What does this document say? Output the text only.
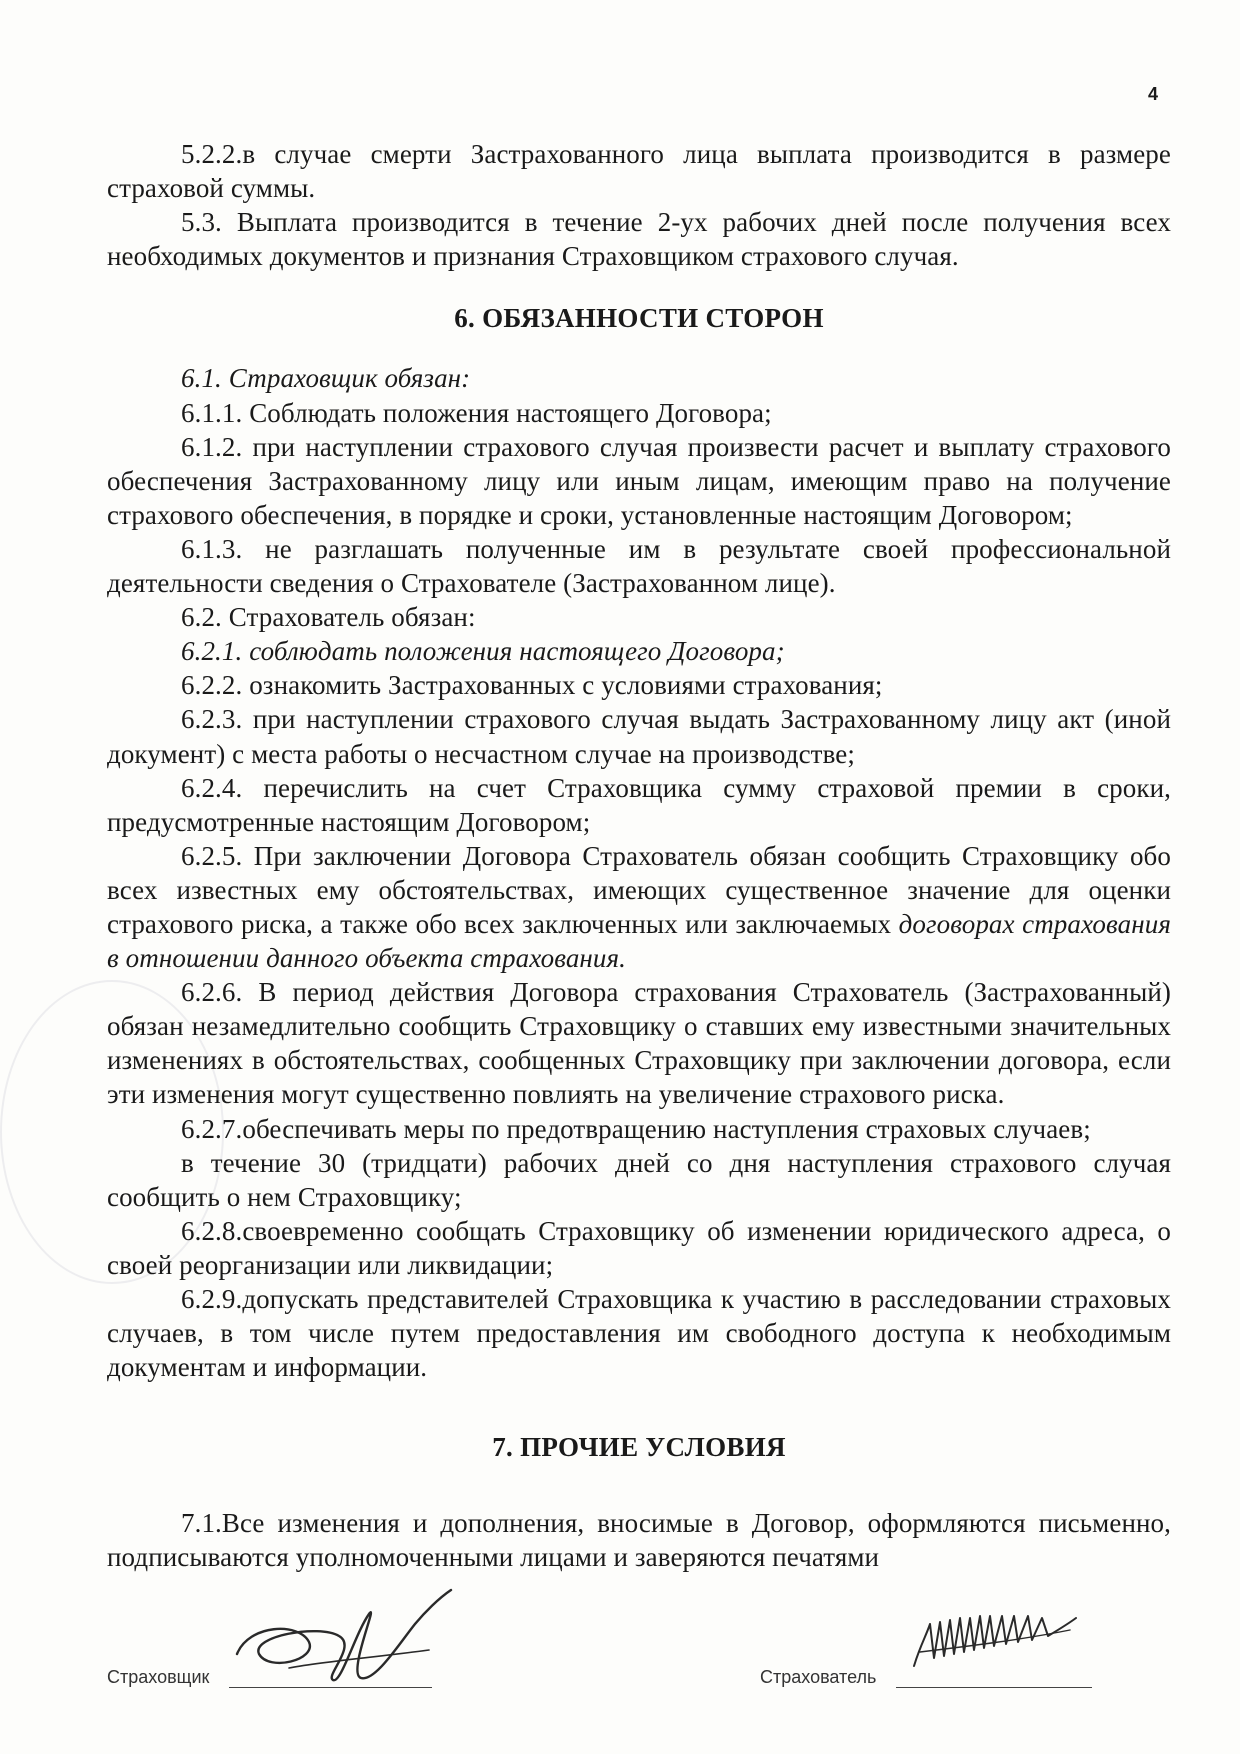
4

5.2.2.в случае смерти Застрахованного лица выплата производится в размере страховой суммы.

5.3. Выплата производится в течение 2-ух рабочих дней после получения всех необходимых документов и признания Страховщиком страхового случая.

6. ОБЯЗАННОСТИ СТОРОН

6.1. Страховщик обязан:

6.1.1. Соблюдать положения настоящего Договора;

6.1.2. при наступлении страхового случая произвести расчет и выплату страхового обеспечения Застрахованному лицу или иным лицам, имеющим право на получение страхового обеспечения, в порядке и сроки, установленные настоящим Договором;

6.1.3. не разглашать полученные им в результате своей профессиональной деятельности сведения о Страхователе (Застрахованном лице).

6.2. Страхователь обязан:

6.2.1. соблюдать положения настоящего Договора;

6.2.2. ознакомить Застрахованных с условиями страхования;

6.2.3. при наступлении страхового случая выдать Застрахованному лицу акт (иной документ) с места работы о несчастном случае на производстве;

6.2.4. перечислить на счет Страховщика сумму страховой премии в сроки, предусмотренные настоящим Договором;

6.2.5. При заключении Договора Страхователь обязан сообщить Страховщику обо всех известных ему обстоятельствах, имеющих существенное значение для оценки страхового риска, а также обо всех заключенных или заключаемых договорах страхования в отношении данного объекта страхования.

6.2.6. В период действия Договора страхования Страхователь (Застрахованный) обязан незамедлительно сообщить Страховщику о ставших ему известными значительных изменениях в обстоятельствах, сообщенных Страховщику при заключении договора, если эти изменения могут существенно повлиять на увеличение страхового риска.

6.2.7.обеспечивать меры по предотвращению наступления страховых случаев;

в течение 30 (тридцати) рабочих дней со дня наступления страхового случая сообщить о нем Страховщику;

6.2.8.своевременно сообщать Страховщику об изменении юридического адреса, о своей реорганизации или ликвидации;

6.2.9.допускать представителей Страховщика к участию в расследовании страховых случаев, в том числе путем предоставления им свободного доступа к необходимым документам и информации.

7. ПРОЧИЕ УСЛОВИЯ

7.1.Все изменения и дополнения, вносимые в Договор, оформляются письменно, подписываются уполномоченными лицами и заверяются печатями

Страховщик	Страхователь
